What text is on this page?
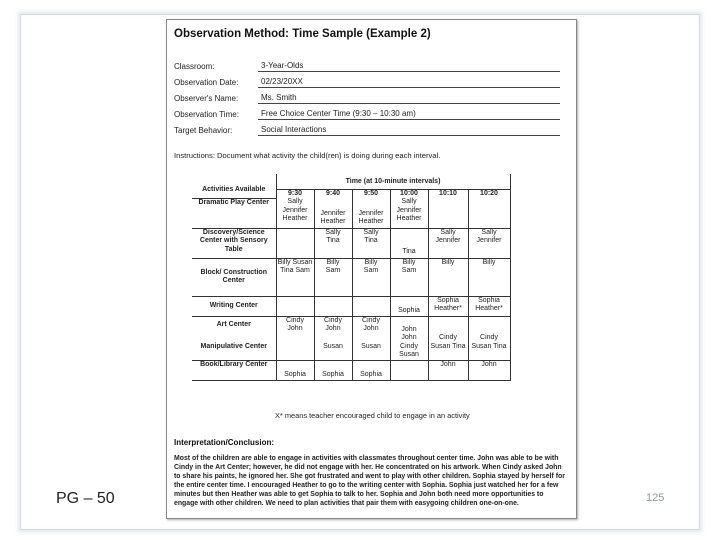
Observation Method: Time Sample (Example 2)
Classroom:	3-Year-Olds
Observation Date:	02/23/20XX
Observer's Name:	Ms. Smith
Observation Time:	Free Choice Center Time (9:30 – 10:30 am)
Target Behavior:	Social Interactions
Instructions: Document what activity the child(ren) is doing during each interval.
Activities Available	Time (at 10-minute intervals)					
	9:30	9:40	9:50	10:00	10:10	10:20
Dramatic Play Center	Sally Jennifer Heather	Jennifer Heather	Jennifer Heather	Sally Jennifer Heather		
Discovery/Science Center with Sensory Table		Sally Tina	Sally Tina	Tina	Sally Jennifer	Sally Jennifer
Block/ Construction Center	Billy Susan Tina Sam	Billy Sam	Billy Sam	Billy Sam	Billy	Billy
Writing Center				Sophia	Sophia Heather*	Sophia Heather*
Art Center	Cindy John	Cindy John	Cindy John	John		
Manipulative Center		Susan	Susan	John Cindy Susan	Cindy Susan Tina	Cindy Susan Tina
Book/Library Center	Sophia	Sophia	Sophia		John	John
X* means teacher encouraged child to engage in an activity
Interpretation/Conclusion:
Most of the children are able to engage in activities with classmates throughout center time. John was able to be with Cindy in the Art Center; however, he did not engage with her. He concentrated on his artwork. When Cindy asked John to share his paints, he ignored her. She got frustrated and went to play with other children. Sophia stayed by herself for the entire center time. I encouraged Heather to go to the writing center with Sophia. Sophia just watched her for a few minutes but then Heather was able to get Sophia to talk to her. Sophia and John both need more opportunities to engage with other children. We need to plan activities that pair them with easygoing children one-on-one.
PG – 50	125
